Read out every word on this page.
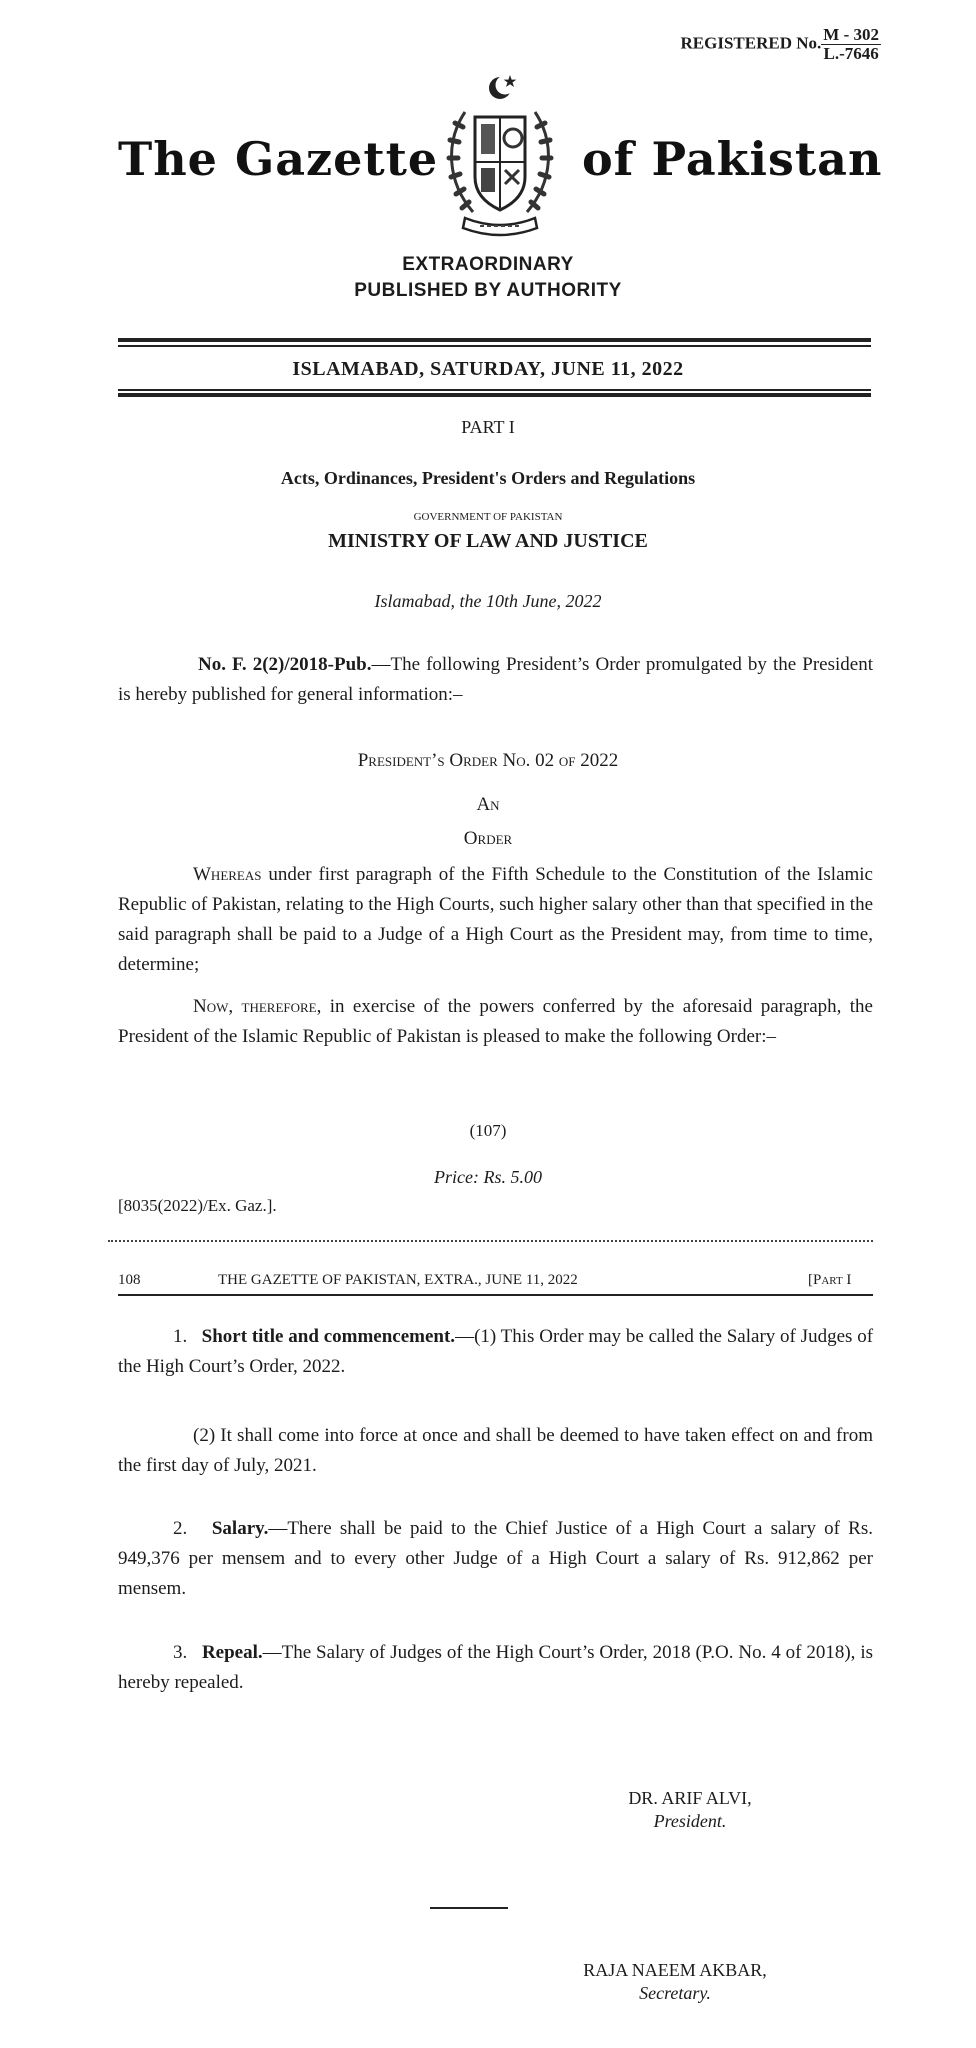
REGISTERED No. $\frac{M - 302}{L.-7646}$
The Gazette	of Pakistan
EXTRAORDINARY
PUBLISHED BY AUTHORITY
ISLAMABAD, SATURDAY, JUNE 11, 2022
PART I
Acts, Ordinances, President's Orders and Regulations
GOVERNMENT OF PAKISTAN
MINISTRY OF LAW AND JUSTICE
Islamabad, the 10th June, 2022
No. F. 2(2)/2018-Pub.—The following President’s Order promulgated by the President is hereby published for general information:–
President’s Order No. 02 of 2022
An
Order
Whereas under first paragraph of the Fifth Schedule to the Constitution of the Islamic Republic of Pakistan, relating to the High Courts, such higher salary other than that specified in the said paragraph shall be paid to a Judge of a High Court as the President may, from time to time, determine;
Now, therefore, in exercise of the powers conferred by the aforesaid paragraph, the President of the Islamic Republic of Pakistan is pleased to make the following Order:–
(107)
Price: Rs. 5.00
[8035(2022)/Ex. Gaz.].
108	THE GAZETTE OF PAKISTAN, EXTRA., JUNE 11, 2022	[Part I
1. Short title and commencement.—(1) This Order may be called the Salary of Judges of the High Court’s Order, 2022.
(2) It shall come into force at once and shall be deemed to have taken effect on and from the first day of July, 2021.
2. Salary.—There shall be paid to the Chief Justice of a High Court a salary of Rs. 949,376 per mensem and to every other Judge of a High Court a salary of Rs. 912,862 per mensem.
3. Repeal.—The Salary of Judges of the High Court’s Order, 2018 (P.O. No. 4 of 2018), is hereby repealed.
DR. ARIF ALVI,
President.
RAJA NAEEM AKBAR,
Secretary.
